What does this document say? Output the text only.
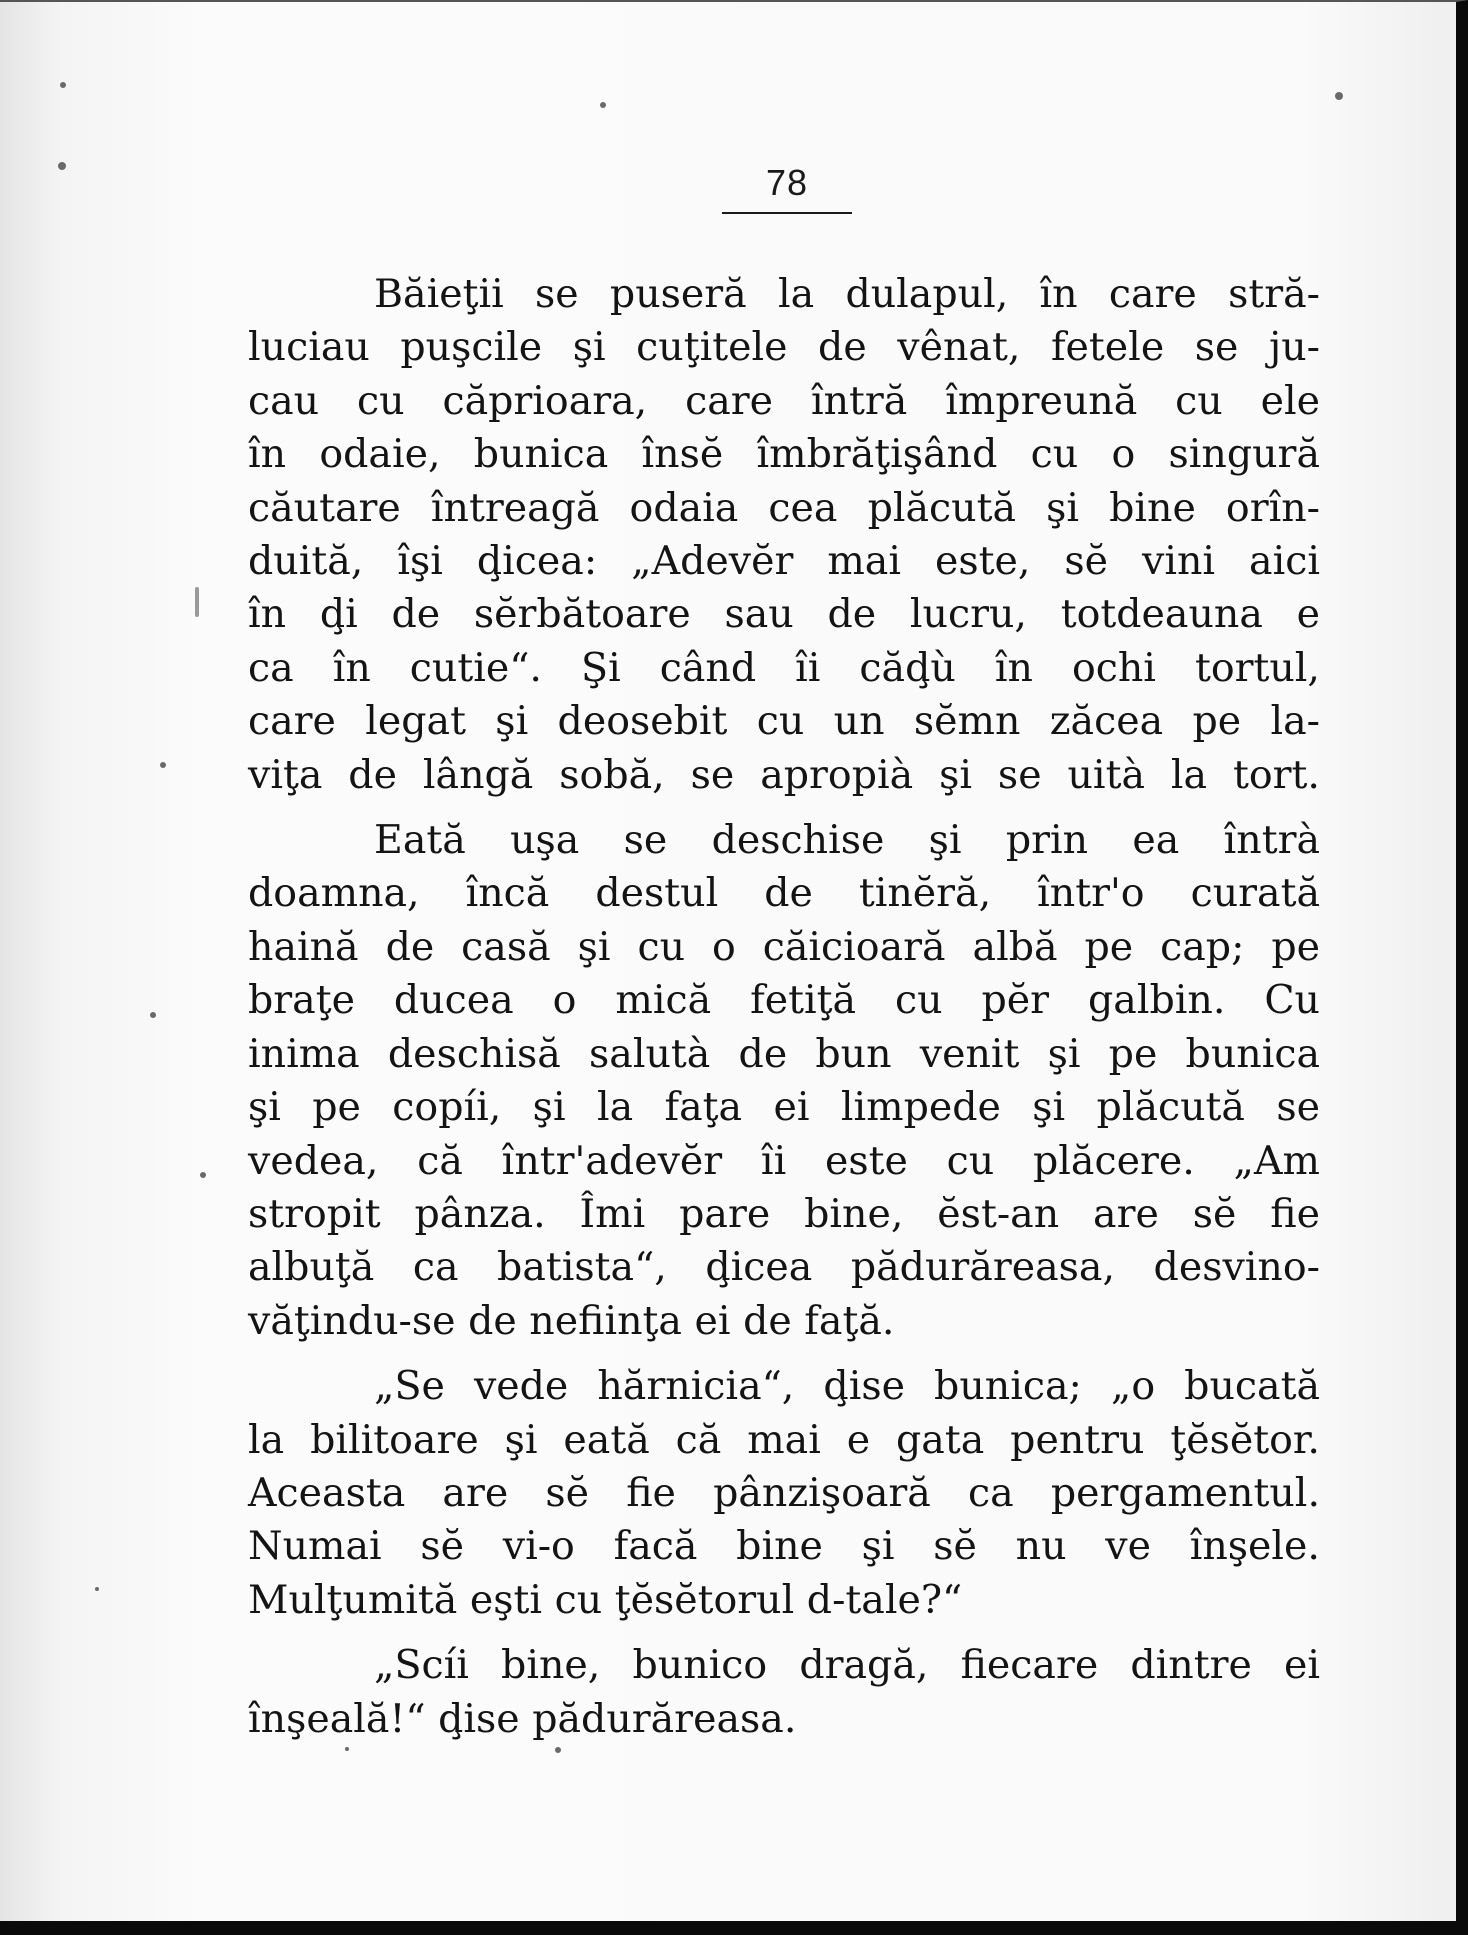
78
Băieţii se puseră la dulapul, în care stră-
luciau puşcile şi cuţitele de vênat, fetele se ju-
cau cu căprioara, care întră împreună cu ele
în odaie, bunica însĕ îmbrăţişând cu o singură
căutare întreagă odaia cea plăcută şi bine orîn-
duită, îşi ḑicea: „Adevĕr mai este, sĕ vini aici
în ḑi de sĕrbătoare sau de lucru, totdeauna e
ca în cutie“. Şi când îi căḑù în ochi tortul,
care legat şi deosebit cu un sĕmn zăcea pe la-
viţa de lângă sobă, se apropià şi se uità la tort.
Eată uşa se deschise şi prin ea întrà
doamna, încă destul de tinĕră, într'o curată
haină de casă şi cu o căicioară albă pe cap; pe
braţe ducea o mică fetiţă cu pĕr galbin. Cu
inima deschisă salutà de bun venit şi pe bunica
şi pe copíi, şi la faţa ei limpede şi plăcută se
vedea, că într'adevĕr îi este cu plăcere. „Am
stropit pânza. Îmi pare bine, ĕst-an are sĕ fie
albuţă ca batista“, ḑicea pădurăreasa, desvino-
văţindu-se de nefiinţa ei de faţă.
„Se vede hărnicia“, ḑise bunica; „o bucată
la bilitoare şi eată că mai e gata pentru ţĕsĕtor.
Aceasta are sĕ fie pânzişoară ca pergamentul.
Numai sĕ vi-o facă bine şi sĕ nu ve înşele.
Mulţumită eşti cu ţĕsĕtorul d-tale?“
„Scíi bine, bunico dragă, fiecare dintre ei
înşeală!“ ḑise pădurăreasa.
